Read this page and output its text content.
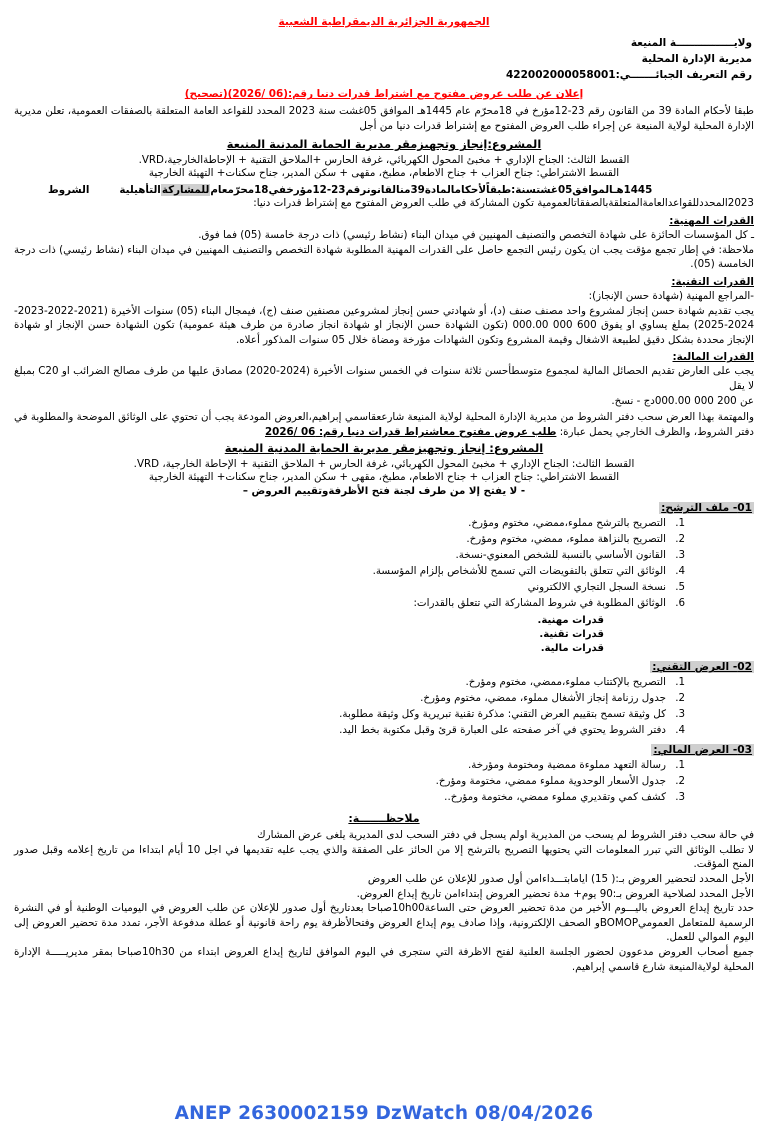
الجمهورية الجزائرية الديمقراطية الشعبية
ولايــــــــــــــــة المنيعة
مديرية الإدارة المحلية
رقم التعريف الجبائـــــــي:422002000058001
إعلان عن طلب عروض مفتوح مع اشتراط قدرات دنيا رقم:(06 /2026)(تصحيح)

طبقا لأحكام المادة 39 من القانون رقم 23-12مؤرخ في 18محرّم عام 1445هـ الموافق 05غشت سنة 2023 المحدد للقواعد العامة المتعلقة بالصفقات العمومية، تعلن مديرية الإدارة المحلية لولاية المنيعة عن إجراء طلب العروض المفتوح مع إشتراط قدرات دنيا من أجل

المشروع:إنجاز وتجهيزمقر مديرية الحماية المدنية المنيعة
القسط الثالث: الجناح الإداري + مخبئ المحول الكهربائي، غرفة الحارس +الملاحق التقنية + الإحاطةالخارجية،VRD.
القسط الاشتراطي: جناح العزاب + جناح الاطعام، مطبخ، مقهى + سكن المدير، جناح سكنات+ التهيئة الخارجية
الشروط	التأهيلية للمشاركة :طبقاًلأحكامالمادة39منالقانونرقم23-12مؤرخفي18محرّمعام 1445هـالموافق05غشتسنة

2023المحددللقواعدالعامةالمتعلقةبالصفقاتالعمومية تكون المشاركة في طلب العروض المفتوح مع إشتراط قدرات دنيا:

القدرات المهنية:

ـ كل المؤسسات الحائزة على شهادة التخصص والتصنيف المهنيين في ميدان البناء (نشاط رئيسي) ذات درجة خامسة (05) فما فوق.

ملاحظة: في إطار تجمع مؤقت يجب ان يكون رئيس التجمع حاصل على القدرات المهنية المطلوبة شهادة التخصص والتصنيف المهنيين في ميدان البناء (نشاط رئيسي) ذات درجة الخامسة (05).

القدرات التقنية:

-المراجع المهنية (شهادة حسن الإنجاز):

يجب تقديم شهادة حسن إنجاز لمشروع واحد مصنف صنف (د)، أو شهادتي حسن إنجاز لمشروعين مصنفين صنف (ج)، فيمجال البناء (05) سنوات الأخيرة (2021-2022-2023-2024-2025) بملغ يساوي او يفوق 600 000 000.00 (تكون الشهادة حسن الإنجاز او شهادة انجاز صادرة من طرف هيئة عمومية) تكون الشهادة حسن الإنجاز او شهادة الإنجاز محددة بشكل دقيق لطبيعة الاشغال وقيمة المشروع وتكون الشهادات مؤرخة ومضاة خلال 05 سنوات المذكور أعلاه.

القدرات المالية:

يجب على العارض تقديم الحصائل المالية لمجموع متوسطأحسن ثلاثة سنوات في الخمس سنوات الأخيرة (2024-2020) مصادق عليها من طرف مصالح الضرائب او C20 بمبلغ لا يقل

عن 200 000 000.00دج - نسخ.

والمهتمة بهذا العرض سحب دفتر الشروط من مديرية الإدارة المحلية لولاية المنيعة شارععقاسمي إبراهيم،العروض المودعة يجب أن تحتوي على الوثائق الموضحة والمطلوبة في دفتر الشروط، والظرف الخارجي يحمل عبارة: طلب عروض مفتوح معاشتراط قدرات دنيا رقم: 06 /2026

المشروع: إنجاز وتجهيزمقر مديرية الحماية المدنية المنيعة
القسط الثالث: الجناح الإداري + مخبئ المحول الكهربائي، غرفة الحارس + الملاحق التقنية + الإحاطة الخارجية، VRD.
القسط الاشتراطي: جناح العزاب + جناح الاطعام، مطبخ، مقهى + سكن المدير، جناح سكنات+ التهيئة الخارجية
- لا يفتح إلا من طرف لجنة فتح الأظرفةوتقييم العروض –
01- ملف الترشح:
1. التصريح بالترشح مملوء،ممضي، مختوم ومؤرخ.
2. التصريح بالنزاهة مملوء، ممضي، مختوم ومؤرخ.
3. القانون الأساسي بالنسبة للشخص المعنوي-نسخة.
4. الوثائق التي تتعلق بالتفويضات التي تسمح للأشخاص بإلزام المؤسسة.
5. نسخة السجل التجاري الالكتروني
6. الوثائق المطلوبة في شروط المشاركة التي تتعلق بالقدرات:
قدرات مهنية.
قدرات تقنية.
قدرات مالية.
02- العرض التقني:
1. التصريح بالإكتتاب مملوء،ممضي، مختوم ومؤرخ.
2. جدول رزنامة إنجاز الأشغال مملوء، ممضي، مختوم ومؤرخ.
3. كل وثيقة تسمح بتقييم العرض التقني: مذكرة تقنية تبريرية وكل وثيقة مطلوبة.
4. دفتر الشروط يحتوي في آخر صفحته على العبارة قرئ وقبل مكتوبة بخط اليد.
03- العرض المالي:
1. رسالة التعهد مملوءة ممضية ومختومة ومؤرخة.
2. جدول الأسعار الوحدوية مملوء ممضي، مختومة ومؤرخ.
3. كشف كمي وتقديري مملوء ممضي، مختومة ومؤرخ..
ملاحظـــــــة:

في حالة سحب دفتر الشروط لم يسحب من المديرية اولم يسجل في دفتر السحب لدى المديرية يلغى عرض المشارك

لا تطلب الوثائق التي تبرر المعلومات التي يحتويها التصريح بالترشح إلا من الحائز على الصفقة والذي يجب عليه تقديمها في اجل 10 أيام ابتداءا من تاريخ إعلامه وقبل صدور المنح المؤقت.

الأجل المحدد لتحضير العروض بـ:( 15) ايامابتـــداءامن أول صدور للإعلان عن طلب العروض

الأجل المحدد لصلاحية العروض بـ:90 يوم+ مدة تحضير العروض إبتداءامن تاريخ إيداع العروض.

حدد تاريخ إيداع العروض باليـــوم الأخير من مدة تحضير العروض حتى الساعة10h00صباحا بعدتاريخ أول صدور للإعلان عن طلب العروض في اليوميات الوطنية أو في النشرة الرسمية للمتعامل العموميBOMOPو الصحف الإلكترونية، وإذا صادف يوم إيداع العروض وفتحالأظرفة يوم راحة قانونية أو عطلة مدفوعة الأجر، تمدد مدة تحضير العروض إلى اليوم الموالي للعمل.

جميع أصحاب العروض مدعوون لحضور الجلسة العلنية لفتح الاظرفة التي ستجرى في اليوم الموافق لتاريخ إيداع العروض ابتداء من 10h30صباحا بمقر مديريـــــة الإدارة المحلية لولايةالمنيعة شارع قاسمي إبراهيم.

ANEP 2630002159 DzWatch 08/04/2026
